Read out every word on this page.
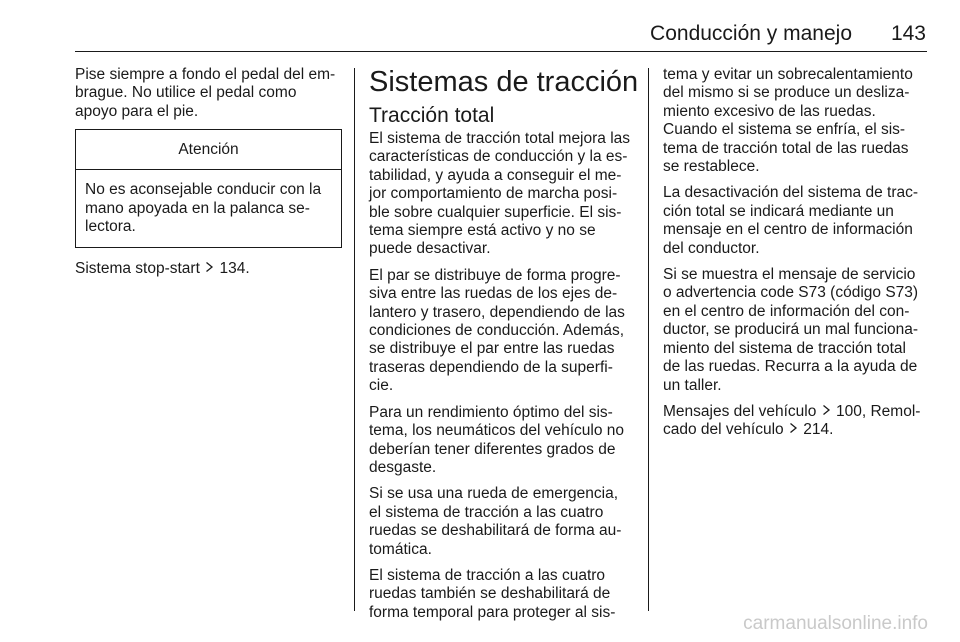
Conducción y manejo	143

Pise siempre a fondo el pedal del em-
brague. No utilice el pedal como
apoyo para el pie.

Atención
No es aconsejable conducir con la
mano apoyada en la palanca se-
lectora.

Sistema stop-start 134.

Sistemas de tracción
Tracción total

El sistema de tracción total mejora las
características de conducción y la es-
tabilidad, y ayuda a conseguir el me-
jor comportamiento de marcha posi-
ble sobre cualquier superficie. El sis-
tema siempre está activo y no se
puede desactivar.

El par se distribuye de forma progre-
siva entre las ruedas de los ejes de-
lantero y trasero, dependiendo de las
condiciones de conducción. Además,
se distribuye el par entre las ruedas
traseras dependiendo de la superfi-
cie.

Para un rendimiento óptimo del sis-
tema, los neumáticos del vehículo no
deberían tener diferentes grados de
desgaste.

Si se usa una rueda de emergencia,
el sistema de tracción a las cuatro
ruedas se deshabilitará de forma au-
tomática.

El sistema de tracción a las cuatro
ruedas también se deshabilitará de
forma temporal para proteger al sis-

tema y evitar un sobrecalentamiento
del mismo si se produce un desliza-
miento excesivo de las ruedas.
Cuando el sistema se enfría, el sis-
tema de tracción total de las ruedas
se restablece.

La desactivación del sistema de trac-
ción total se indicará mediante un
mensaje en el centro de información
del conductor.

Si se muestra el mensaje de servicio
o advertencia code S73 (código S73)
en el centro de información del con-
ductor, se producirá un mal funciona-
miento del sistema de tracción total
de las ruedas. Recurra a la ayuda de
un taller.

Mensajes del vehículo 100, Remol-
cado del vehículo 214.

carmanualsonline.info
